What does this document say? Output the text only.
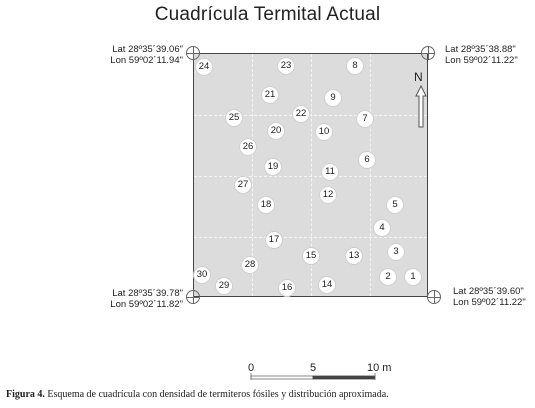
Cuadrícula Termital Actual
Lat 28º35´39.06"
Lon 59º02´11.94"
Lat 28º35´38.88"
Lon 59º02´11.22"
Lat 28º35´39.78"
Lon 59º02´11.82"
Lat 28º35´39.60"
Lon 59º02´11.22"
N
1
2
3
4
5
6
7
8
9
10
11
12
13
14
15
16
17
18
19
20
21
22
23
24
25
26
27
28
29
30
0	5	10 m
Figura 4. Esquema de cuadrícula con densidad de termiteros fósiles y distribución aproximada.
